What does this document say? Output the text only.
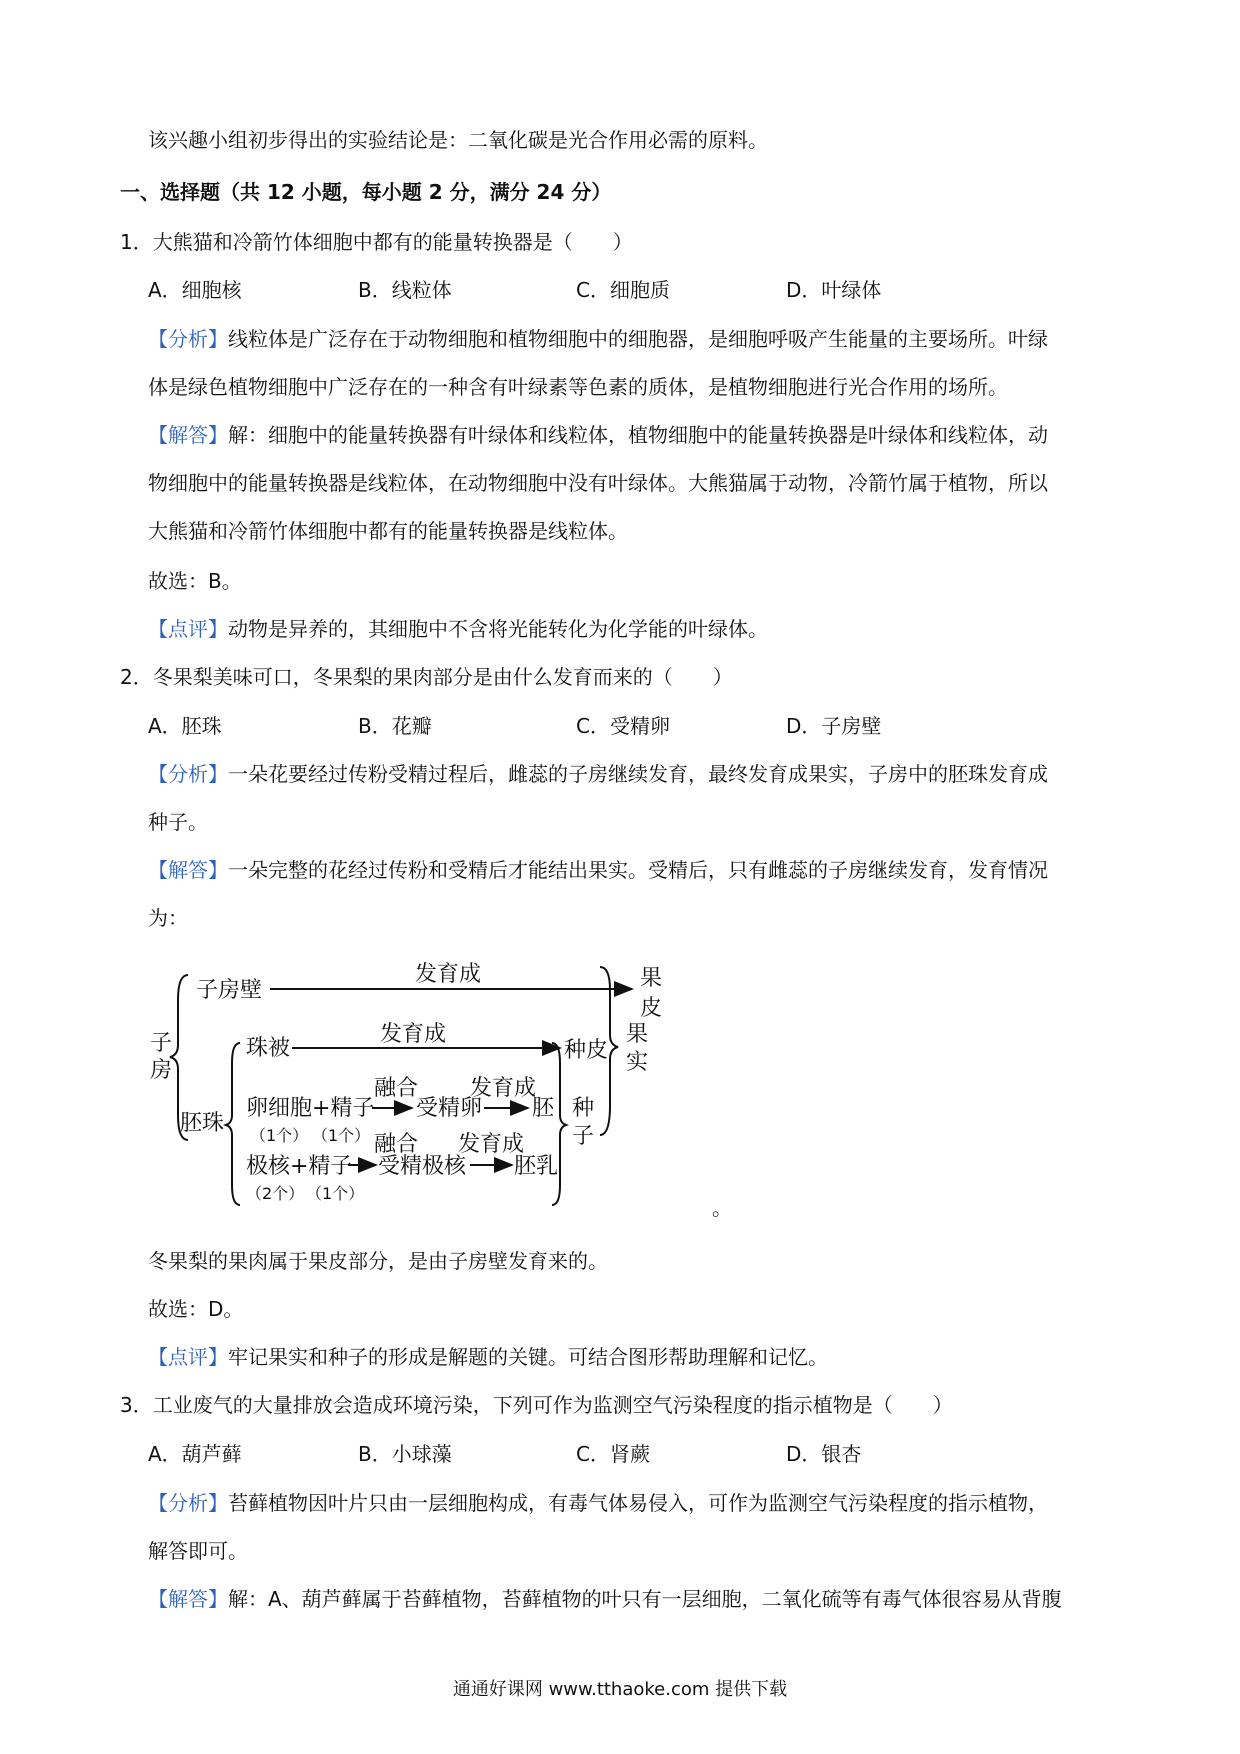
该兴趣小组初步得出的实验结论是：二氧化碳是光合作用必需的原料。
一、选择题（共 12 小题，每小题 2 分，满分 24 分）
1．大熊猫和冷箭竹体细胞中都有的能量转换器是（　　）
A．细胞核	B．线粒体	C．细胞质	D．叶绿体
【分析】线粒体是广泛存在于动物细胞和植物细胞中的细胞器，是细胞呼吸产生能量的主要场所。叶绿
体是绿色植物细胞中广泛存在的一种含有叶绿素等色素的质体，是植物细胞进行光合作用的场所。
【解答】解：细胞中的能量转换器有叶绿体和线粒体，植物细胞中的能量转换器是叶绿体和线粒体，动
物细胞中的能量转换器是线粒体，在动物细胞中没有叶绿体。大熊猫属于动物，冷箭竹属于植物，所以
大熊猫和冷箭竹体细胞中都有的能量转换器是线粒体。
故选：B。
【点评】动物是异养的，其细胞中不含将光能转化为化学能的叶绿体。
2．冬果梨美味可口，冬果梨的果肉部分是由什么发育而来的（　　）
A．胚珠	B．花瓣	C．受精卵	D．子房壁
【分析】一朵花要经过传粉受精过程后，雌蕊的子房继续发育，最终发育成果实，子房中的胚珠发育成
种子。
【解答】一朵完整的花经过传粉和受精后才能结出果实。受精后，只有雌蕊的子房继续发育，发育情况
为：
子
房
子房壁
发育成	果
皮
胚珠
珠被
发育成
种皮
卵细胞+精子
（1个） （1个）
融合
受精卵
发育成
胚
极核+精子
（2个） （1个）
融合
受精极核
发育成
胚乳
种
子
果
实
。
冬果梨的果肉属于果皮部分，是由子房壁发育来的。
故选：D。
【点评】牢记果实和种子的形成是解题的关键。可结合图形帮助理解和记忆。
3．工业废气的大量排放会造成环境污染，下列可作为监测空气污染程度的指示植物是（　　）
A．葫芦藓	B．小球藻	C．肾蕨	D．银杏
【分析】苔藓植物因叶片只由一层细胞构成，有毒气体易侵入，可作为监测空气污染程度的指示植物，
解答即可。
【解答】解：A、葫芦藓属于苔藓植物，苔藓植物的叶只有一层细胞，二氧化硫等有毒气体很容易从背腹
通通好课网 www.tthaoke.com 提供下载
